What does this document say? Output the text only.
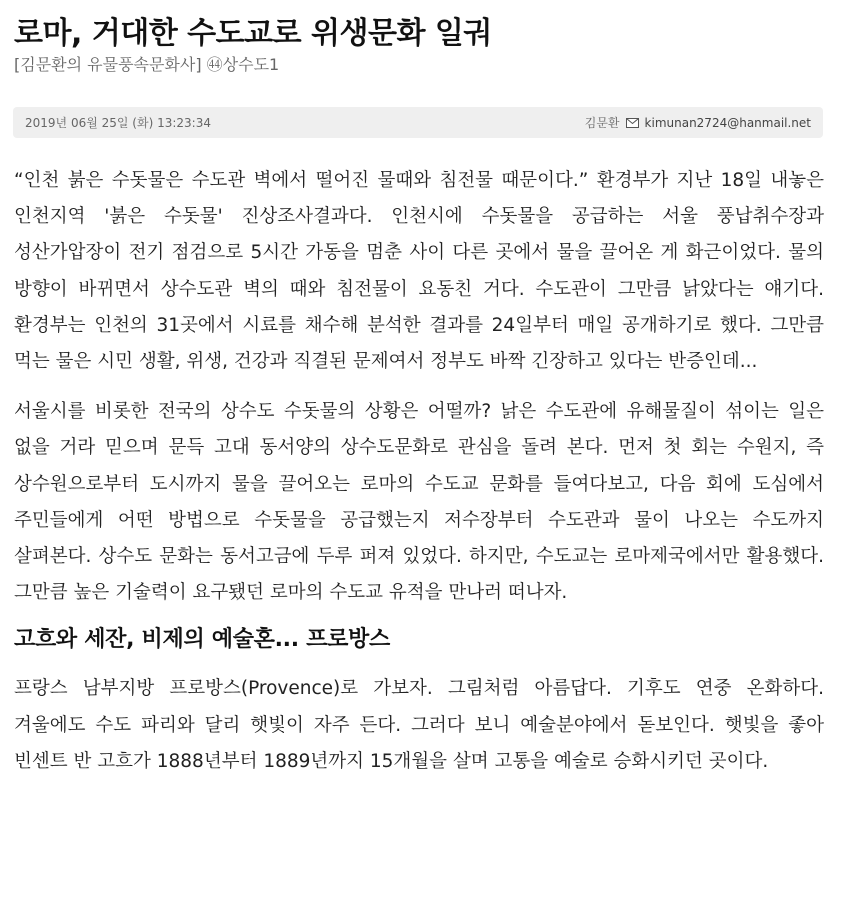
로마, 거대한 수도교로 위생문화 일궈
[김문환의 유물풍속문화사] ㊹상수도1
2019년 06월 25일 (화) 13:23:34	김문환 kimunan2724@hanmail.net

“인천 붉은 수돗물은 수도관 벽에서 떨어진 물때와 침전물 때문이다.” 환경부가 지난 18일 내놓은 인천지역 '붉은 수돗물' 진상조사결과다. 인천시에 수돗물을 공급하는 서울 풍납취수장과 성산가압장이 전기 점검으로 5시간 가동을 멈춘 사이 다른 곳에서 물을 끌어온 게 화근이었다. 물의 방향이 바뀌면서 상수도관 벽의 때와 침전물이 요동친 거다. 수도관이 그만큼 낡았다는 얘기다. 환경부는 인천의 31곳에서 시료를 채수해 분석한 결과를 24일부터 매일 공개하기로 했다. 그만큼 먹는 물은 시민 생활, 위생, 건강과 직결된 문제여서 정부도 바짝 긴장하고 있다는 반증인데...

서울시를 비롯한 전국의 상수도 수돗물의 상황은 어떨까? 낡은 수도관에 유해물질이 섞이는 일은 없을 거라 믿으며 문득 고대 동서양의 상수도문화로 관심을 돌려 본다. 먼저 첫 회는 수원지, 즉 상수원으로부터 도시까지 물을 끌어오는 로마의 수도교 문화를 들여다보고, 다음 회에 도심에서 주민들에게 어떤 방법으로 수돗물을 공급했는지 저수장부터 수도관과 물이 나오는 수도까지 살펴본다. 상수도 문화는 동서고금에 두루 퍼져 있었다. 하지만, 수도교는 로마제국에서만 활용했다. 그만큼 높은 기술력이 요구됐던 로마의 수도교 유적을 만나러 떠나자.

고흐와 세잔, 비제의 예술혼... 프로방스

프랑스 남부지방 프로방스(Provence)로 가보자. 그림처럼 아름답다. 기후도 연중 온화하다. 겨울에도 수도 파리와 달리 햇빛이 자주 든다. 그러다 보니 예술분야에서 돋보인다. 햇빛을 좋아 빈센트 반 고흐가 1888년부터 1889년까지 15개월을 살며 고통을 예술로 승화시키던 곳이다.
